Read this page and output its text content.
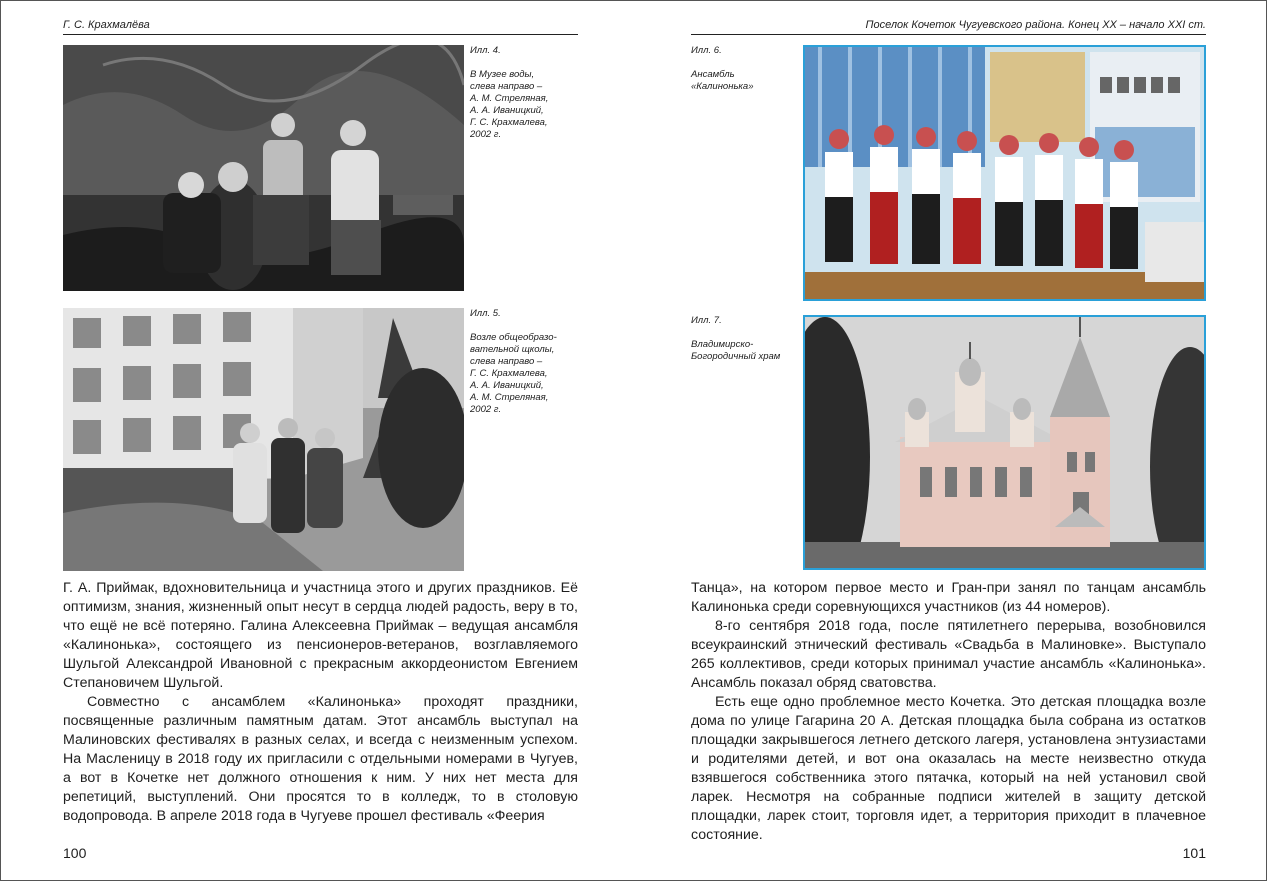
Г. С. Крахмалёва
Илл. 4.
В Музее воды,
слева направо –
А. М. Стреляная,
А. А. Иваницкий,
Г. С. Крахмалева,
2002 г.
Илл. 5.
Возле общеобразо-
вательной щколы,
слева направо –
Г. С. Крахмалева,
А. А. Иваницкий,
А. М. Стреляная,
2002 г.

Г. А. Приймак, вдохновительница и участница этого и других праздников. Её оптимизм, знания, жизненный опыт несут в сердца людей радость, веру в то, что ещё не всё потеряно. Галина Алексеевна Приймак – ведущая ансамбля «Калинонька», состоящего из пенсионеров-ветеранов, возглавляемого Шульгой Александрой Ивановной с прекрасным аккордеонистом Евгением Степановичем Шульгой.

Совместно с ансамблем «Калинонька» проходят праздники, посвященные различным памятным датам. Этот ансамбль выступал на Малиновских фестивалях в разных селах, и всегда с неизменным успехом. На Масленицу в 2018 году их пригласили с отдельными номерами в Чугуев, а вот в Кочетке нет должного отношения к ним. У них нет места для репетиций, выступлений. Они просятся то в колледж, то в столовую водопровода. В апреле 2018 года в Чугуеве прошел фестиваль «Феерия

100
Поселок Кочеток Чугуевского района. Конец XX – начало XXI ст.
Илл. 6.
Ансамбль
«Калинонька»
Илл. 7.
Владимирско-
Богородичный храм

Танца», на котором первое место и Гран-при занял по танцам ансамбль Калинонька среди соревнующихся участников (из 44 номеров).

8-го сентября 2018 года, после пятилетнего перерыва, возобновился всеукраинский этнический фестиваль «Свадьба в Малиновке». Выступало 265 коллективов, среди которых принимал участие ансамбль «Калинонька». Ансамбль показал обряд сватовства.

Есть еще одно проблемное место Кочетка. Это детская площадка возле дома по улице Гагарина 20 А. Детская площадка была собрана из остатков площадки закрывшегося летнего детского лагеря, установлена энтузиастами и родителями детей, и вот она оказалась на месте неизвестно откуда взявшегося собственника этого пятачка, который на ней установил свой ларек. Несмотря на собранные подписи жителей в защиту детской площадки, ларек стоит, торговля идет, а территория приходит в плачевное состояние.

101
